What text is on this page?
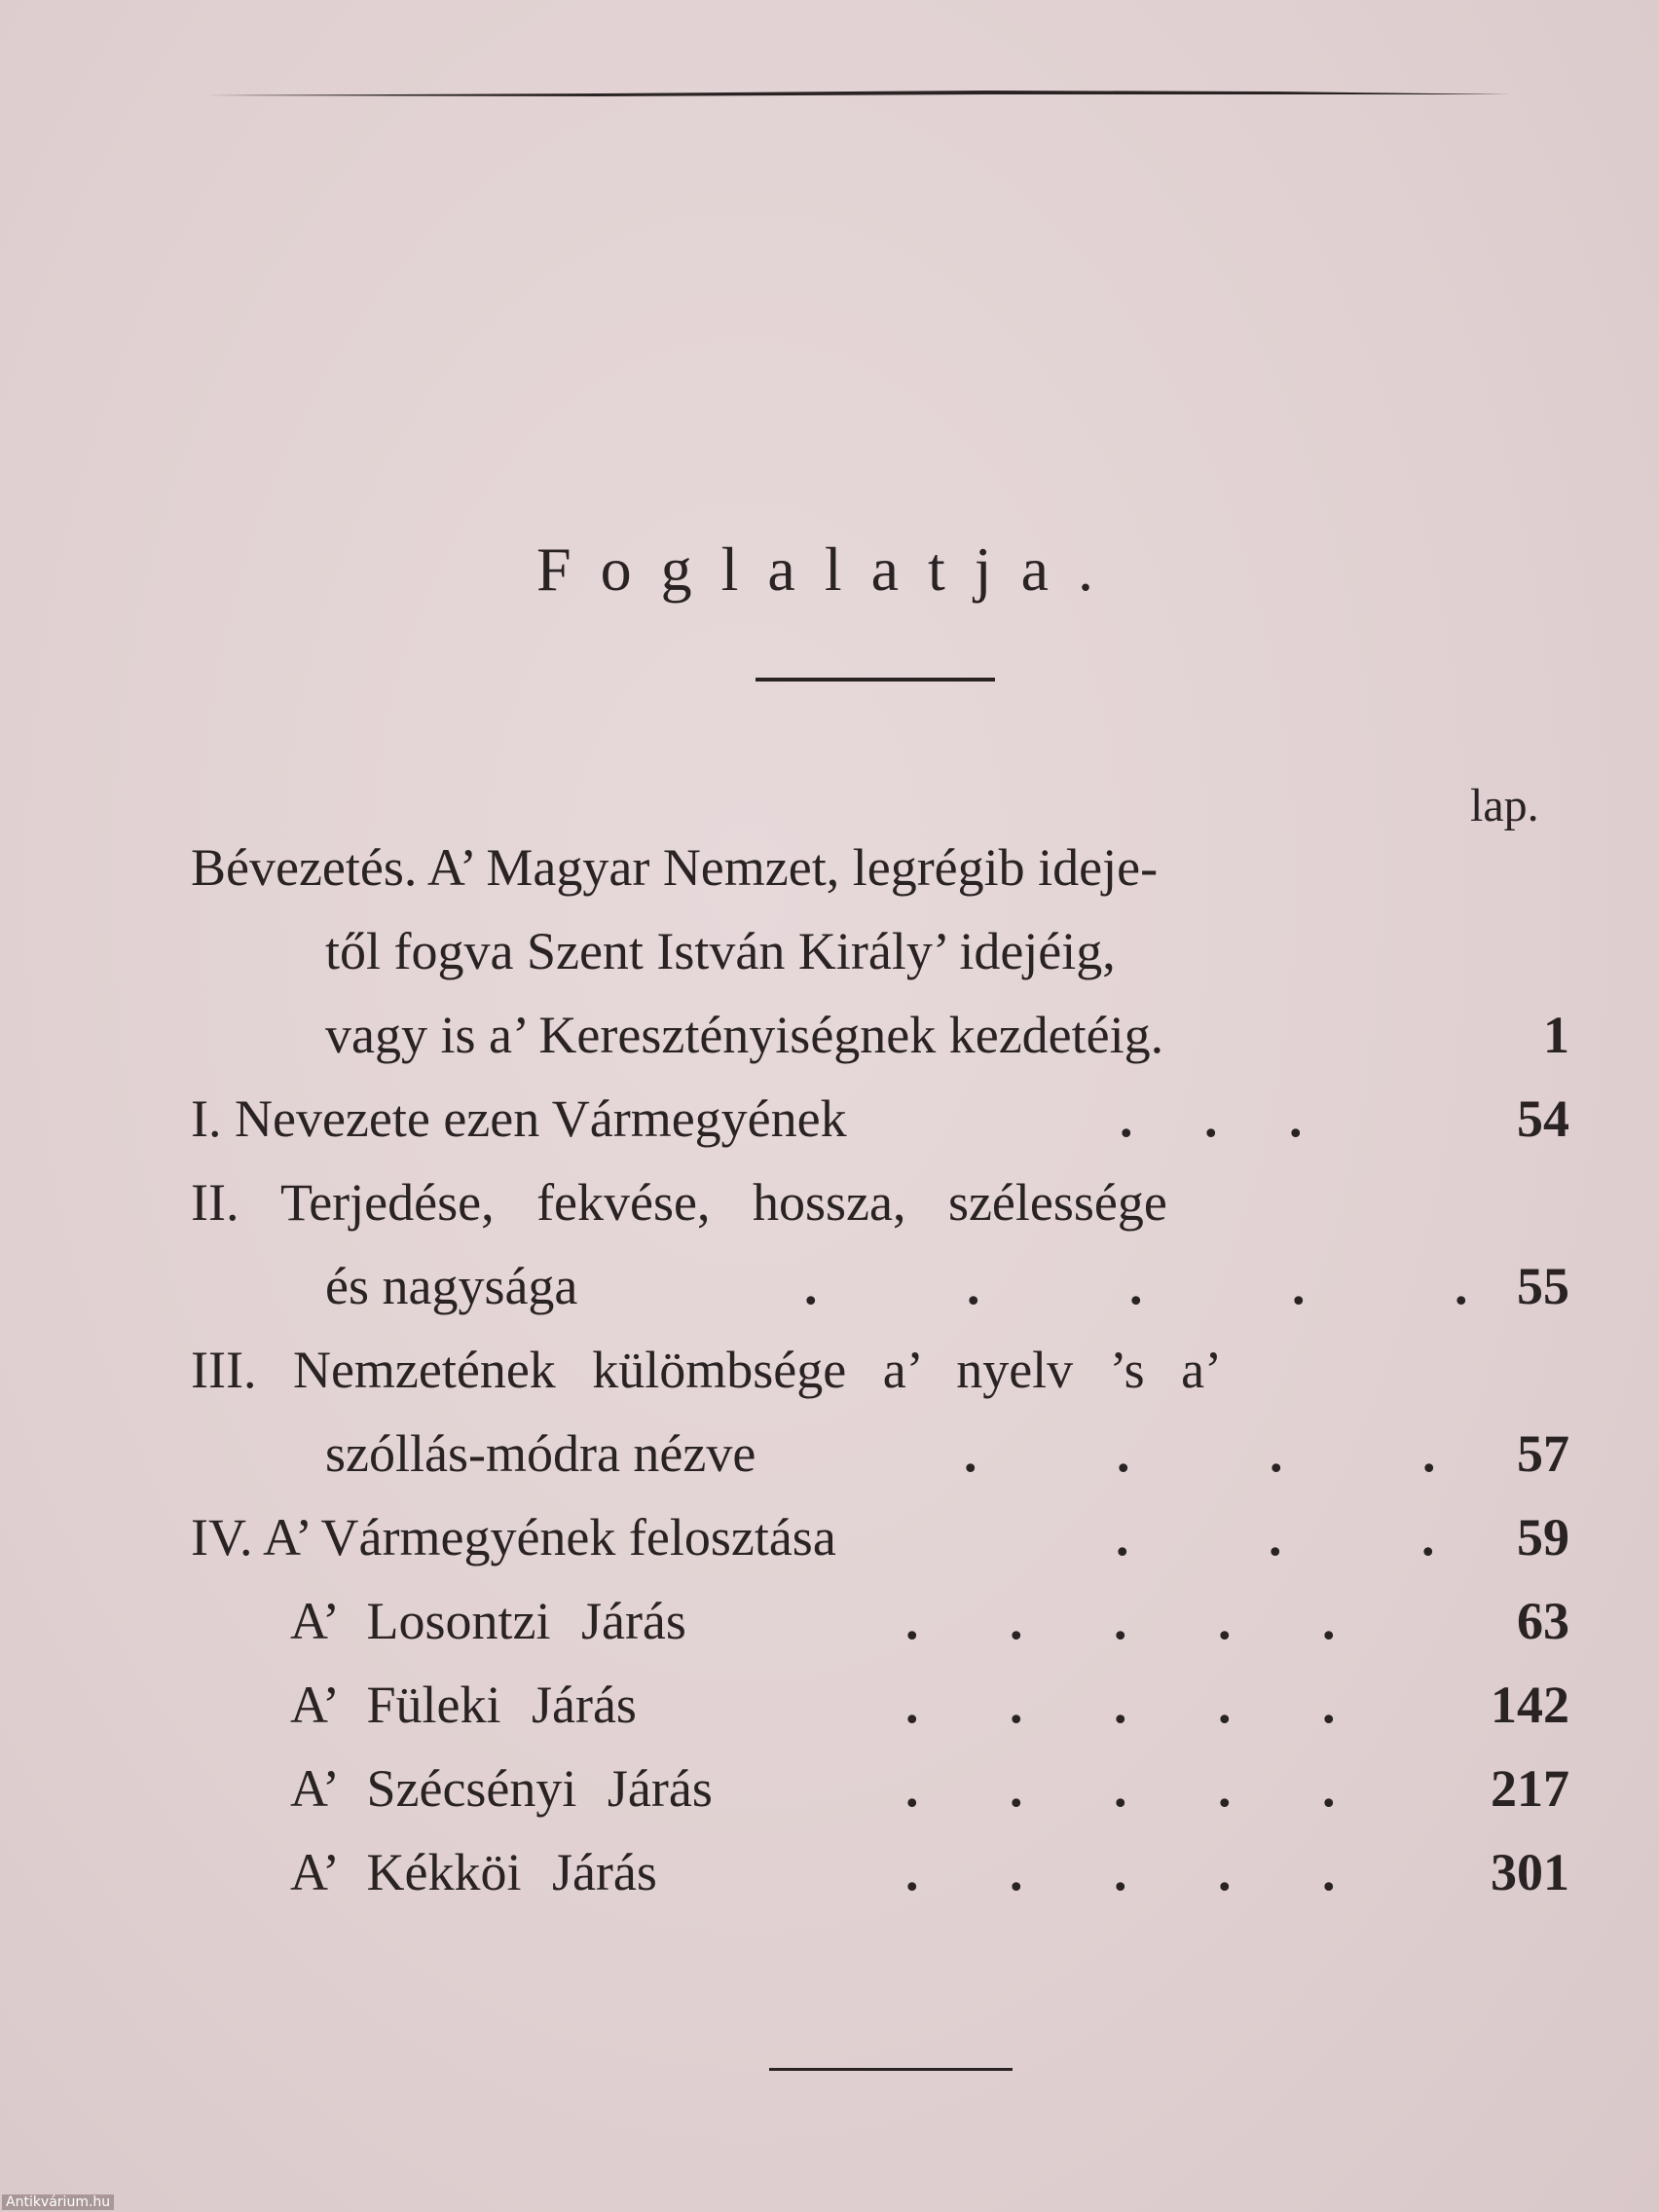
Foglalatja.
lap.
Bévezetés. A’ Magyar Nemzet, legrégib ideje-
től fogva Szent István Király’ idejéig,
vagy is a’ Keresztényiségnek kezdetéig.	1
I. Nevezete ezen Vármegyének	. . .	54
II. Terjedése, fekvése, hossza, szélessége
és nagysága	. . . . . 55
III. Nemzetének külömbsége a’ nyelv ’s a’
szóllás-módra nézve	. . . .	57
IV. A’ Vármegyének felosztása	. . .	59
A’ Losontzi Járás	. . . . .	63
A’ Füleki Járás	. . . . .	142
A’ Szécsényi Járás	. . . . .	217
A’ Kékköi Járás	. . . . .	301
Antikvárium.hu
